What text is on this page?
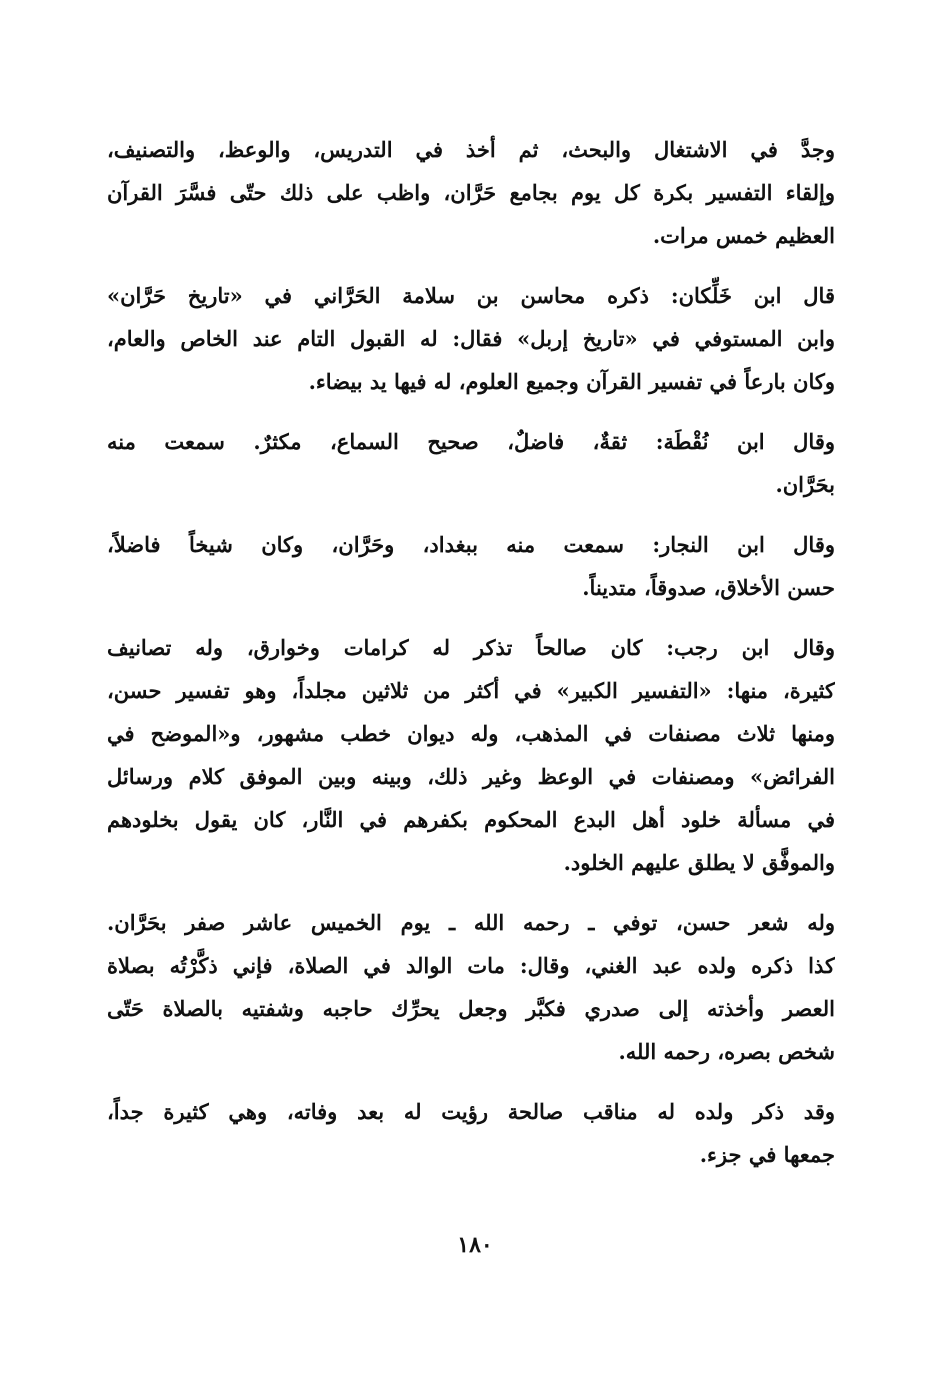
وجدَّ في الاشتغال والبحث، ثم أخذ في التدريس، والوعظ، والتصنيف،
وإلقاء التفسير بكرة كل يوم بجامع حَرَّان، واظب على ذلك حتّى فسَّرَ القرآن
العظيم خمس مرات.
قال ابن خَلِّكان: ذكره محاسن بن سلامة الحَرَّاني في «تاريخ حَرَّان»
وابن المستوفي في «تاريخ إربل» فقال: له القبول التام عند الخاص والعام،
وكان بارعاً في تفسير القرآن وجميع العلوم، له فيها يد بيضاء.
وقال ابن نُقْطَة: ثقةٌ، فاضلٌ، صحيح السماع، مكثرٌ. سمعت منه
بحَرَّان.
وقال ابن النجار: سمعت منه ببغداد، وحَرَّان، وكان شيخاً فاضلاً،
حسن الأخلاق، صدوقاً، متديناً.
وقال ابن رجب: كان صالحاً تذكر له كرامات وخوارق، وله تصانيف
كثيرة، منها: «التفسير الكبير» في أكثر من ثلاثين مجلداً، وهو تفسير حسن،
ومنها ثلاث مصنفات في المذهب، وله ديوان خطب مشهور، و«الموضح في
الفرائض» ومصنفات في الوعظ وغير ذلك، وبينه وبين الموفق كلام ورسائل
في مسألة خلود أهل البدع المحكوم بكفرهم في النَّار، كان يقول بخلودهم
والموفَّق لا يطلق عليهم الخلود.
وله شعر حسن، توفي ـ رحمه الله ـ يوم الخميس عاشر صفر بحَرَّان.
كذا ذكره ولده عبد الغني، وقال: مات الوالد في الصلاة، فإني ذكَّرْتُه بصلاة
العصر وأخذته إلى صدري فكبَّر وجعل يحرِّك حاجبه وشفتيه بالصلاة حَتّى
شخص بصره، رحمه الله.
وقد ذكر ولده له مناقب صالحة رؤيت له بعد وفاته، وهي كثيرة جداً،
جمعها في جزء.
١٨٠
